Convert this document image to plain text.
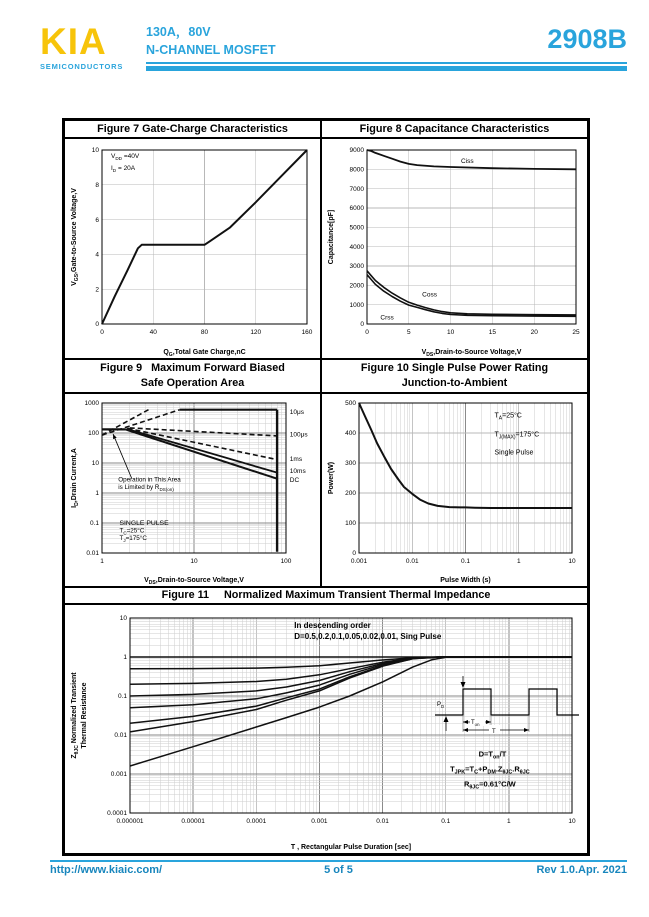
KIA
SEMICONDUCTORS
130A，80V
N-CHANNEL MOSFET	2908B
Figure 7 Gate-Charge Characteristics	Figure 8 Capacitance Characteristics
0	40	80	120	160
0
2
4
6
8
10
$Q_G,Total$ Gate Charge,nC
$V_{GS},Gate-to$-Source Voltage,V
$V_{DD} =40V$
$I_D = 20A$
0	5	10	15	20	25
0
1000
2000
3000
4000
5000
6000
7000
8000
9000
$V_{DS},Drain-to$-Source Voltage,V
Capacitance[pF]
Ciss
Coss
Crss
Figure 9   Maximum Forward Biased
Safe Operation Area
Figure 10 Single Pulse Power Rating
Junction-to-Ambient
1	10	100
1000
100
10
1
0.1
0.01
$V_{DS},Drain-to$-Source Voltage,V
$I_D,Drain$ Current,A
10μs
100μs
1ms
10ms
DC
Operation in This Area
is Limited by $R_{DS(on)}$
SINGLE PULSE
$T_C=25^\circ C$
$T_J=175^\circ C$
0.001	0.01	0.1	1	10
0
100
200
300
400
500
Pulse Width (s)
Power(W)
$T_A=25^\circ C$
$T_{J(MAX)}=175^\circ C$
Single Pulse
Figure 11     Normalized Maximum Transient Thermal Impedance
0.000001	0.00001	0.0001	0.001	0.01	0.1	1	10
10
1
0.1
0.01
0.001
0.0001
T , Rectangular Pulse Duration [sec]
$Z_{\theta JC}$ Normalized Transient Thermal Resistance
In descending order
D=0.5,0.2,0.1,0.05,0.02,0.01, Sing Pulse
$D=T_{on}/T$
$T_{JPK}=T_C+P_{DM}.Z_{\theta JC}.R_{\theta JC}$
$R_{\theta JC}=0.61^\circ C/W$
$P_D$
$T_{on}$
T
http://www.kiaic.com/	5 of 5	Rev 1.0.Apr. 2021
